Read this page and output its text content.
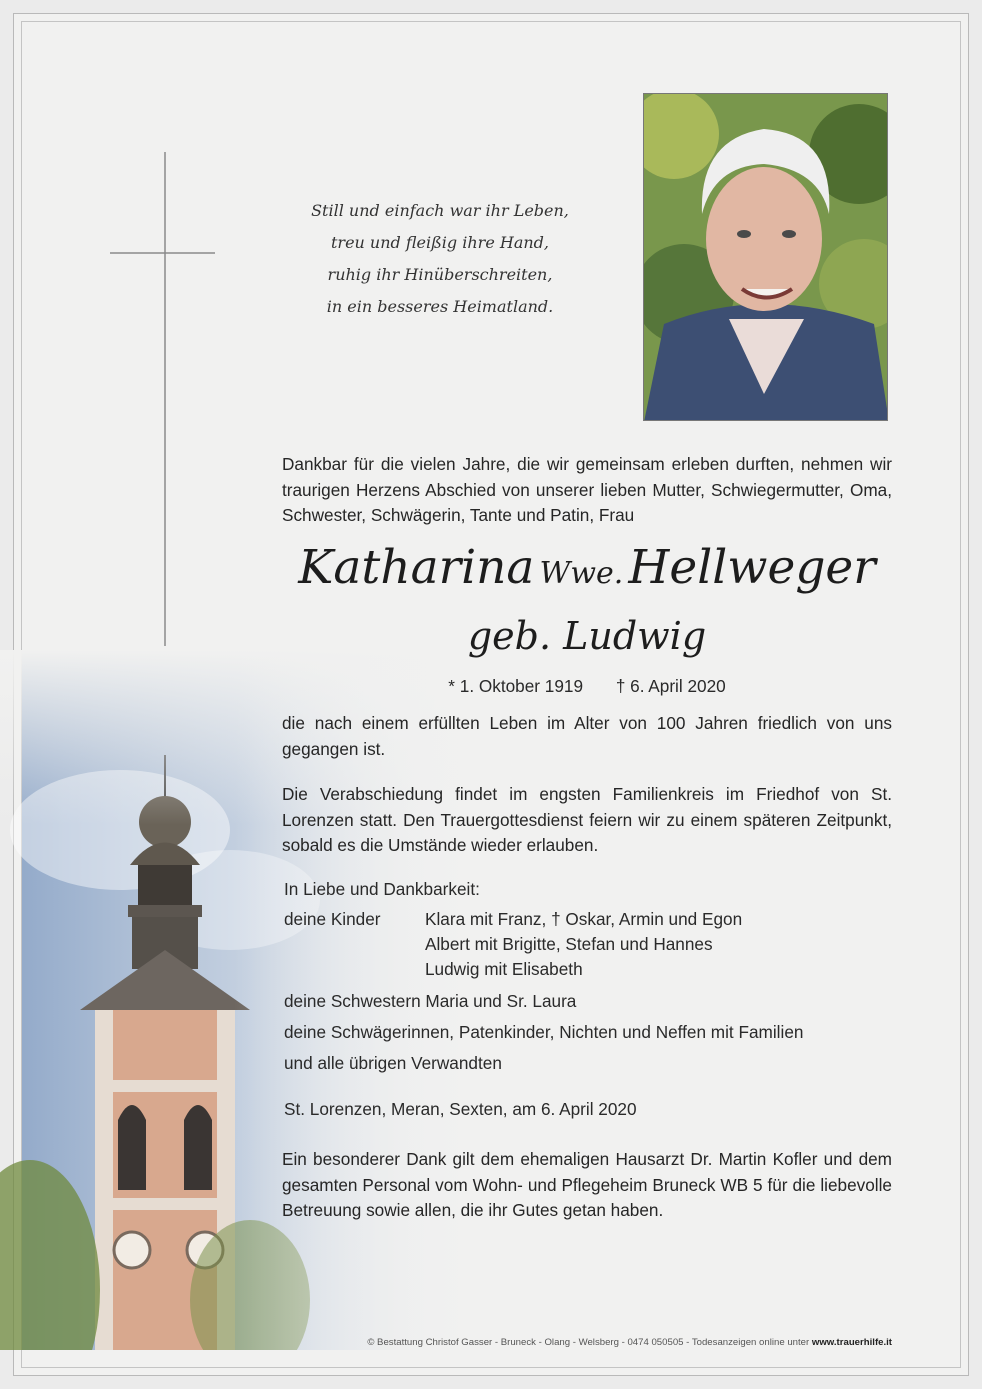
Still und einfach war ihr Leben,
treu und fleißig ihre Hand,
ruhig ihr Hinüberschreiten,
in ein besseres Heimatland.
Dankbar für die vielen Jahre, die wir gemeinsam erleben durften, nehmen wir traurigen Herzens Abschied von unserer lieben Mutter, Schwiegermutter, Oma, Schwester, Schwägerin, Tante und Patin, Frau
Katharina Wwe. Hellweger
geb. Ludwig
* 1. Oktober 1919 † 6. April 2020
die nach einem erfüllten Leben im Alter von 100 Jahren friedlich von uns gegangen ist.
Die Verabschiedung findet im engsten Familienkreis im Friedhof von St. Lorenzen statt. Den Trauergottesdienst feiern wir zu einem späteren Zeitpunkt, sobald es die Umstände wieder erlauben.
In Liebe und Dankbarkeit:
deine Kinder	Klara mit Franz, † Oskar, Armin und Egon
Albert mit Brigitte, Stefan und Hannes
Ludwig mit Elisabeth
deine Schwestern Maria und Sr. Laura
deine Schwägerinnen, Patenkinder, Nichten und Neffen mit Familien
und alle übrigen Verwandten
St. Lorenzen, Meran, Sexten, am 6. April 2020
Ein besonderer Dank gilt dem ehemaligen Hausarzt Dr. Martin Kofler und dem gesamten Personal vom Wohn- und Pflegeheim Bruneck WB 5 für die liebevolle Betreuung sowie allen, die ihr Gutes getan haben.
© Bestattung Christof Gasser - Bruneck - Olang - Welsberg - 0474 050505 - Todesanzeigen online unter www.trauerhilfe.it
